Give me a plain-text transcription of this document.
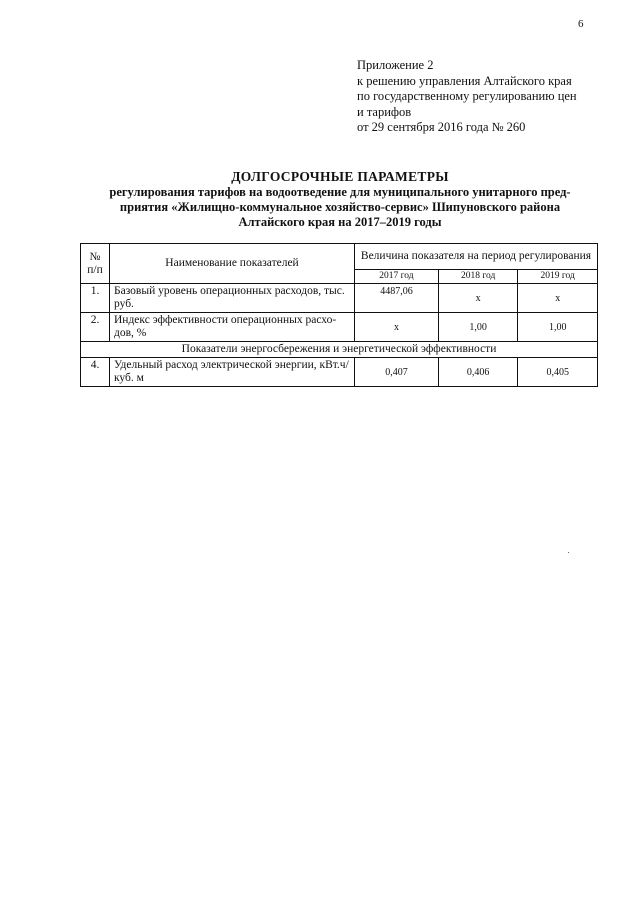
6
Приложение 2
к решению управления Алтайского края
по государственному регулированию цен
и тарифов
от 29 сентября 2016 года № 260
ДОЛГОСРОЧНЫЕ ПАРАМЕТРЫ
регулирования тарифов на водоотведение для муниципального унитарного пред-
приятия «Жилищно-коммунальное хозяйство-сервис» Шипуновского района
Алтайского края на 2017–2019 годы
№ п/п	Наименование показателей	Величина показателя на период регулирования		
		2017 год	2018 год	2019 год
1.	Базовый уровень операционных расходов, тыс. руб.	4487,06	х	х
2.	Индекс эффективности операционных расхо-дов, %	х	1,00	1,00
Показатели энергосбережения и энергетической эффективности				
4.	Удельный расход электрической энергии, кВт.ч/куб. м	0,407	0,406	0,405
